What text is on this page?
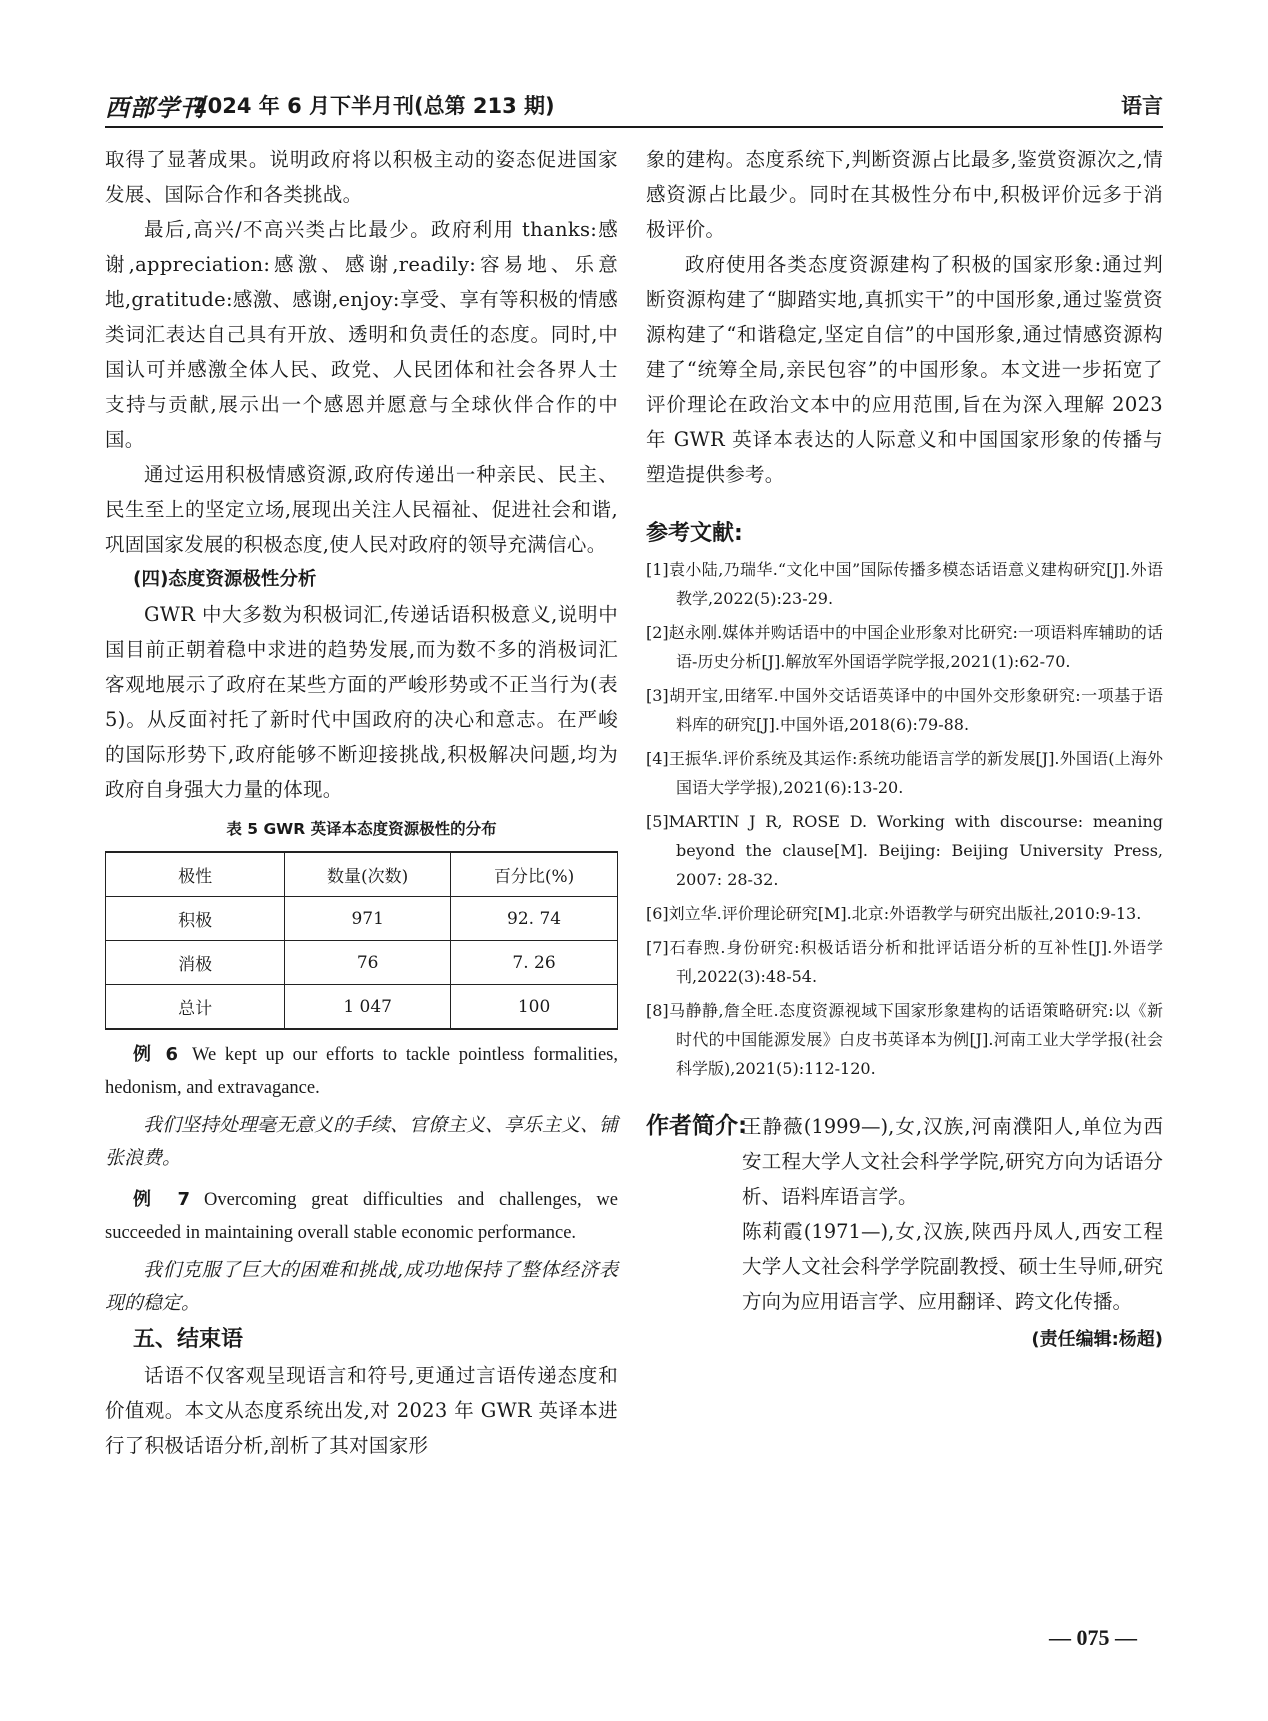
西部学刊
2024 年 6 月下半月刊(总第 213 期)	语言

取得了显著成果。说明政府将以积极主动的姿态促进国家发展、国际合作和各类挑战。

最后,高兴/不高兴类占比最少。政府利用 thanks:感谢,appreciation:感激、感谢,readily:容易地、乐意地,gratitude:感激、感谢,enjoy:享受、享有等积极的情感类词汇表达自己具有开放、透明和负责任的态度。同时,中国认可并感激全体人民、政党、人民团体和社会各界人士支持与贡献,展示出一个感恩并愿意与全球伙伴合作的中国。

通过运用积极情感资源,政府传递出一种亲民、民主、民生至上的坚定立场,展现出关注人民福祉、促进社会和谐,巩固国家发展的积极态度,使人民对政府的领导充满信心。

(四)态度资源极性分析

GWR 中大多数为积极词汇,传递话语积极意义,说明中国目前正朝着稳中求进的趋势发展,而为数不多的消极词汇客观地展示了政府在某些方面的严峻形势或不正当行为(表 5)。从反面衬托了新时代中国政府的决心和意志。在严峻的国际形势下,政府能够不断迎接挑战,积极解决问题,均为政府自身强大力量的体现。

表 5 GWR 英译本态度资源极性的分布
极性	数量(次数)	百分比(%)
积极	971	92. 74
消极	76	7. 26
总计	1 047	100

例 6 We kept up our efforts to tackle pointless formalities, hedonism, and extravagance.

我们坚持处理毫无意义的手续、官僚主义、享乐主义、铺张浪费。

例 7 Overcoming great difficulties and challenges, we succeeded in maintaining overall stable economic performance.

我们克服了巨大的困难和挑战,成功地保持了整体经济表现的稳定。

五、结束语

话语不仅客观呈现语言和符号,更通过言语传递态度和价值观。本文从态度系统出发,对 2023 年 GWR 英译本进行了积极话语分析,剖析了其对国家形

象的建构。态度系统下,判断资源占比最多,鉴赏资源次之,情感资源占比最少。同时在其极性分布中,积极评价远多于消极评价。

政府使用各类态度资源建构了积极的国家形象:通过判断资源构建了“脚踏实地,真抓实干”的中国形象,通过鉴赏资源构建了“和谐稳定,坚定自信”的中国形象,通过情感资源构建了“统筹全局,亲民包容”的中国形象。本文进一步拓宽了评价理论在政治文本中的应用范围,旨在为深入理解 2023 年 GWR 英译本表达的人际意义和中国国家形象的传播与塑造提供参考。

参考文献:

[1]袁小陆,乃瑞华.“文化中国”国际传播多模态话语意义建构研究[J].外语教学,2022(5):23-29.

[2]赵永刚.媒体并购话语中的中国企业形象对比研究:一项语料库辅助的话语-历史分析[J].解放军外国语学院学报,2021(1):62-70.

[3]胡开宝,田绪军.中国外交话语英译中的中国外交形象研究:一项基于语料库的研究[J].中国外语,2018(6):79-88.

[4]王振华.评价系统及其运作:系统功能语言学的新发展[J].外国语(上海外国语大学学报),2021(6):13-20.

[5]MARTIN J R, ROSE D. Working with discourse: meaning beyond the clause[M]. Beijing: Beijing University Press, 2007: 28-32.

[6]刘立华.评价理论研究[M].北京:外语教学与研究出版社,2010:9-13.

[7]石春煦.身份研究:积极话语分析和批评话语分析的互补性[J].外语学刊,2022(3):48-54.

[8]马静静,詹全旺.态度资源视域下国家形象建构的话语策略研究:以《新时代的中国能源发展》白皮书英译本为例[J].河南工业大学学报(社会科学版),2021(5):112-120.

作者简介:
王静薇(1999—),女,汉族,河南濮阳人,单位为西安工程大学人文社会科学学院,研究方向为话语分析、语料库语言学。
陈莉霞(1971—),女,汉族,陕西丹凤人,西安工程大学人文社会科学学院副教授、硕士生导师,研究方向为应用语言学、应用翻译、跨文化传播。
(责任编辑:杨超)
— 075 —
